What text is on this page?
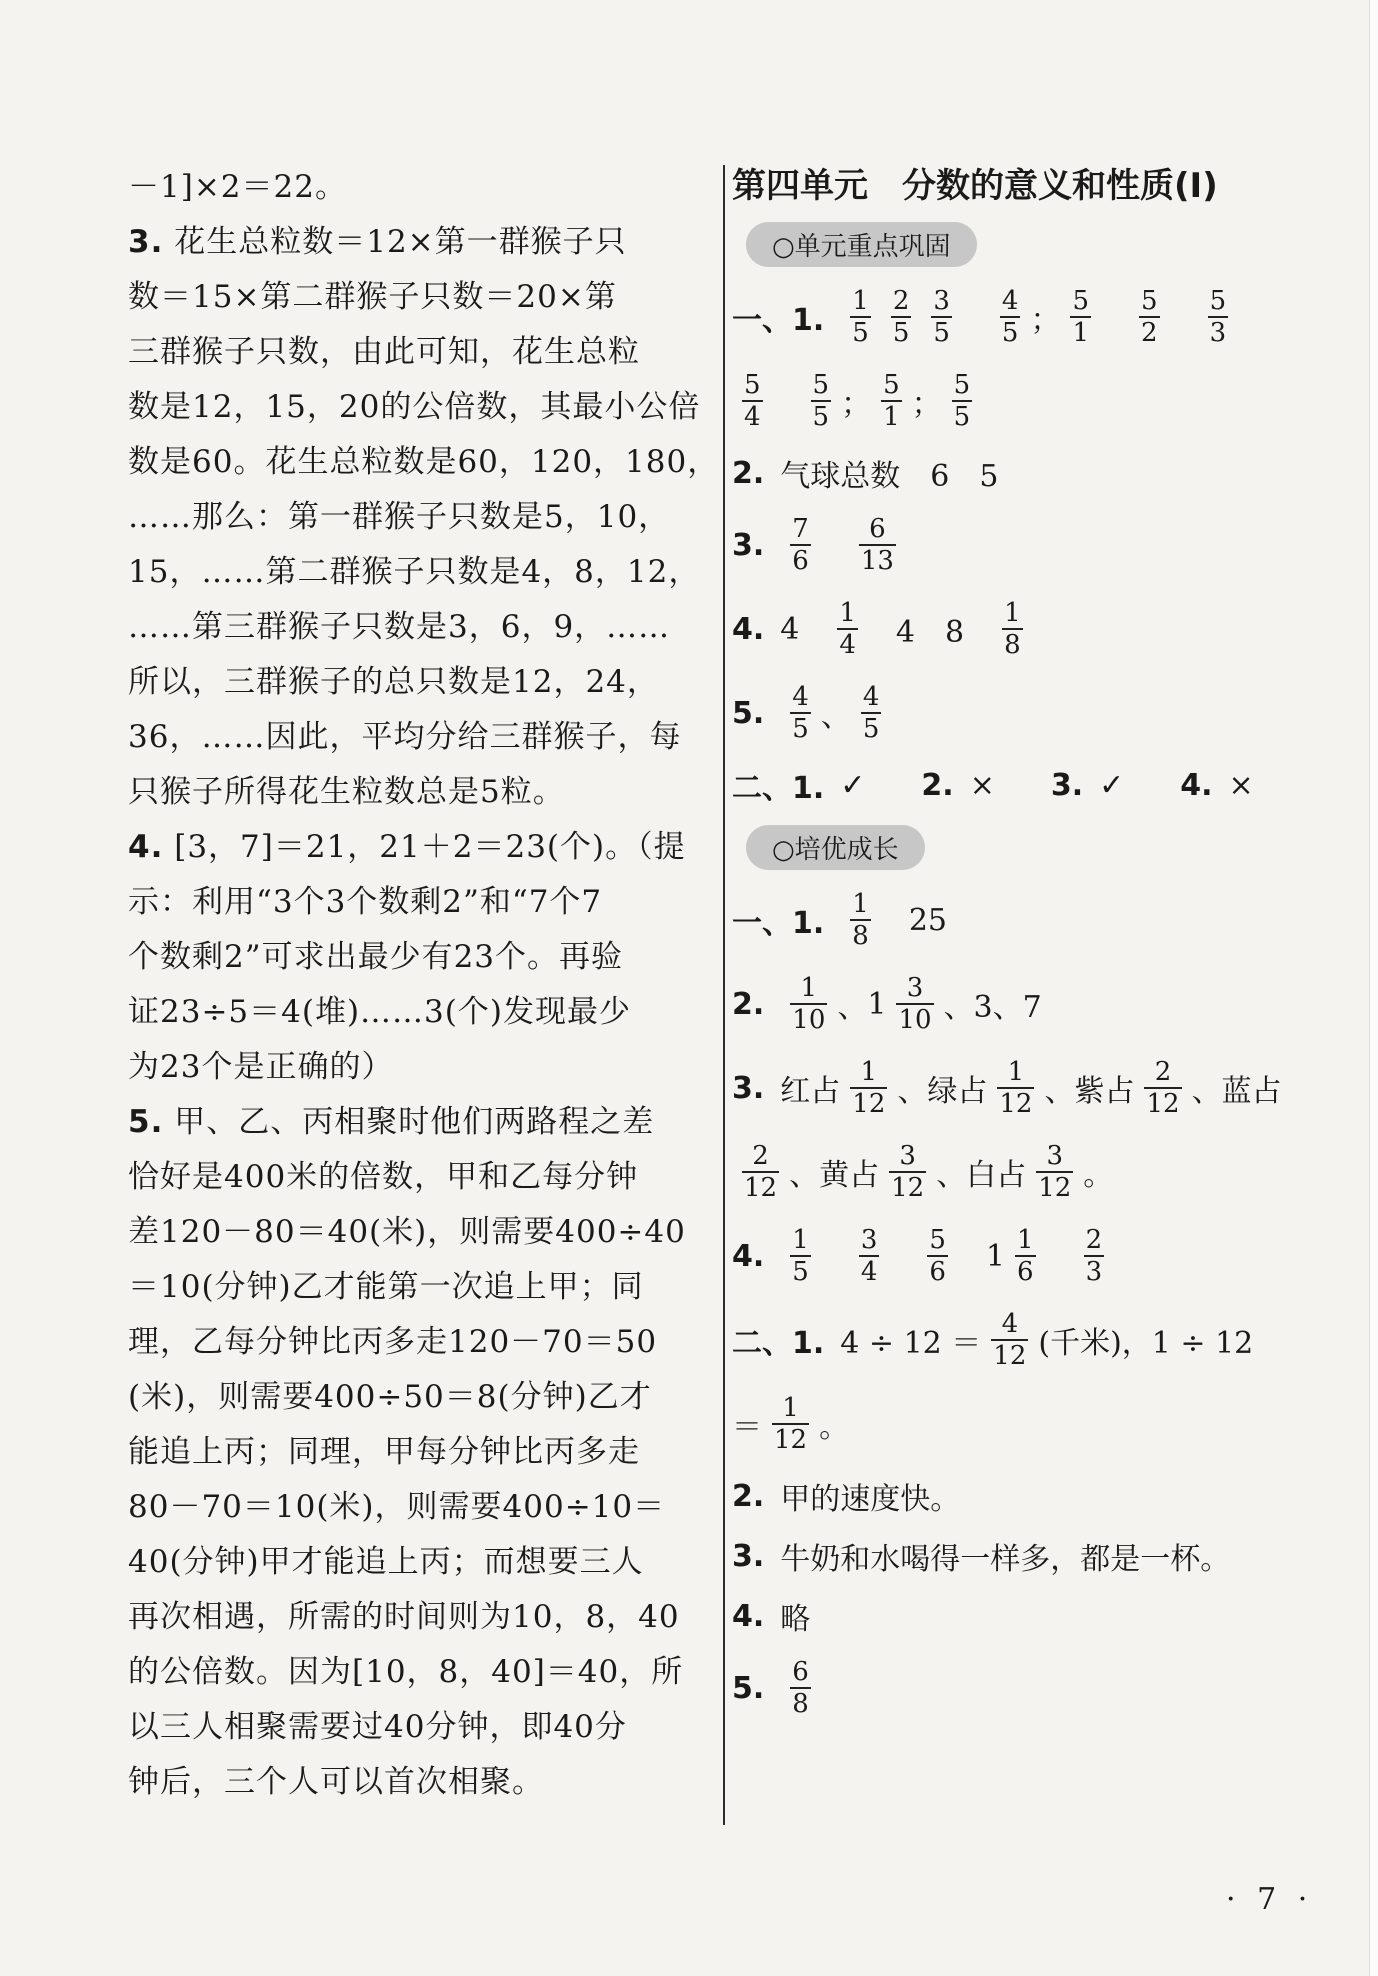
－1]×2＝22。
3. 花生总粒数＝12×第一群猴子只
数＝15×第二群猴子只数＝20×第
三群猴子只数，由此可知，花生总粒
数是12，15，20的公倍数，其最小公倍
数是60。花生总粒数是60，120，180，
……那么：第一群猴子只数是5，10，
15，……第二群猴子只数是4，8，12，
……第三群猴子只数是3，6，9，……
所以，三群猴子的总只数是12，24，
36，……因此，平均分给三群猴子，每
只猴子所得花生粒数总是5粒。
4. [3，7]＝21，21＋2＝23(个)。（提
示：利用“3个3个数剩2”和“7个7
个数剩2”可求出最少有23个。再验
证23÷5＝4(堆)……3(个)发现最少
为23个是正确的）
5. 甲、乙、丙相聚时他们两路程之差
恰好是400米的倍数，甲和乙每分钟
差120－80＝40(米)，则需要400÷40
＝10(分钟)乙才能第一次追上甲；同
理，乙每分钟比丙多走120－70＝50
(米)，则需要400÷50＝8(分钟)乙才
能追上丙；同理，甲每分钟比丙多走
80－70＝10(米)，则需要400÷10＝
40(分钟)甲才能追上丙；而想要三人
再次相遇，所需的时间则为10，8，40
的公倍数。因为[10，8，40]＝40，所
以三人相聚需要过40分钟，即40分
钟后，三个人可以首次相聚。
第四单元　分数的意义和性质(Ⅰ)
○单元重点巩固
一、1.
1
5
2
5
3
5
4
5 ；
5
1
5
2
5
3
5
4
5
5 ；
5
1 ；
5
5
2. 气球总数　6　5
3. 7
6
6
13
4. 4 1
4 4　8
1
8
5. 4
5 、
4
5
二、1. ✓ 2. × 3. ✓ 4. ×
○培优成长
一、1.
1
8 25
2. 1
10 、 1 3
10 、3、7
3. 红占
1
12 、绿占
1
12 、紫占
2
12 、蓝占
2
12 、黄占
3
12 、白占
3
12 。
4. 1
5
3
4
5
6 1 1
6
2
3
二、1. 4 ÷ 12 ＝
4
12 (千米)，1 ÷ 12
＝
1
12 。
2. 甲的速度快。
3. 牛奶和水喝得一样多，都是一杯。
4. 略
5. 6
8
· 7 ·
